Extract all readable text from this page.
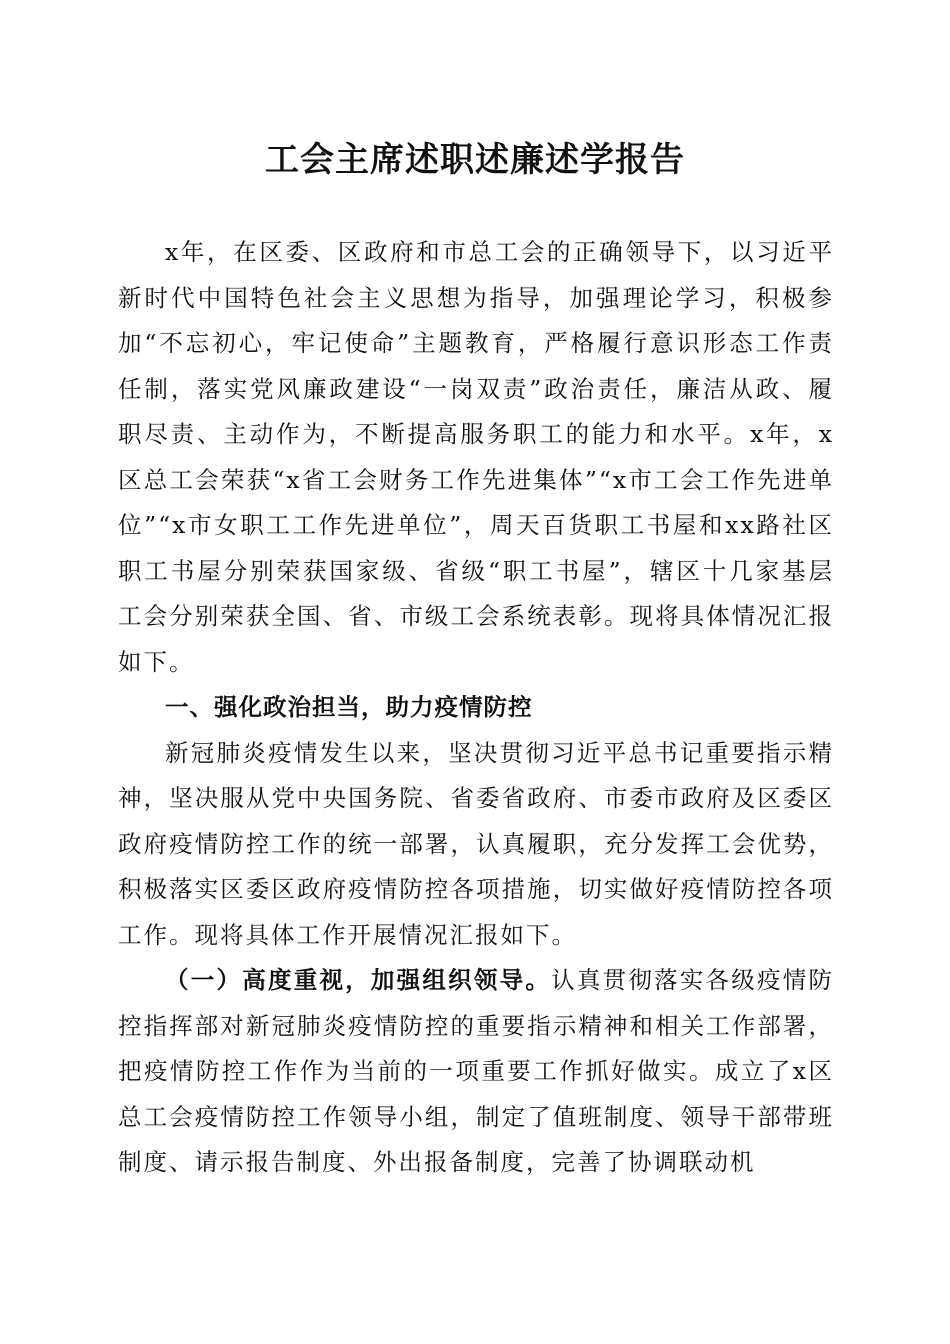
工会主席述职述廉述学报告

x年，在区委、区政府和市总工会的正确领导下，以习近平新时代中国特色社会主义思想为指导，加强理论学习，积极参加“不忘初心，牢记使命”主题教育，严格履行意识形态工作责任制，落实党风廉政建设“一岗双责”政治责任，廉洁从政、履职尽责、主动作为，不断提高服务职工的能力和水平。x年，x区总工会荣获“x省工会财务工作先进集体”“x市工会工作先进单位”“x市女职工工作先进单位”，周天百货职工书屋和xx路社区职工书屋分别荣获国家级、省级“职工书屋”，辖区十几家基层工会分别荣获全国、省、市级工会系统表彰。现将具体情况汇报如下。

一、强化政治担当，助力疫情防控

新冠肺炎疫情发生以来，坚决贯彻习近平总书记重要指示精神，坚决服从党中央国务院、省委省政府、市委市政府及区委区政府疫情防控工作的统一部署，认真履职，充分发挥工会优势，积极落实区委区政府疫情防控各项措施，切实做好疫情防控各项工作。现将具体工作开展情况汇报如下。

（一）高度重视，加强组织领导。认真贯彻落实各级疫情防控指挥部对新冠肺炎疫情防控的重要指示精神和相关工作部署，把疫情防控工作作为当前的一项重要工作抓好做实。成立了x区总工会疫情防控工作领导小组，制定了值班制度、领导干部带班制度、请示报告制度、外出报备制度，完善了协调联动机
